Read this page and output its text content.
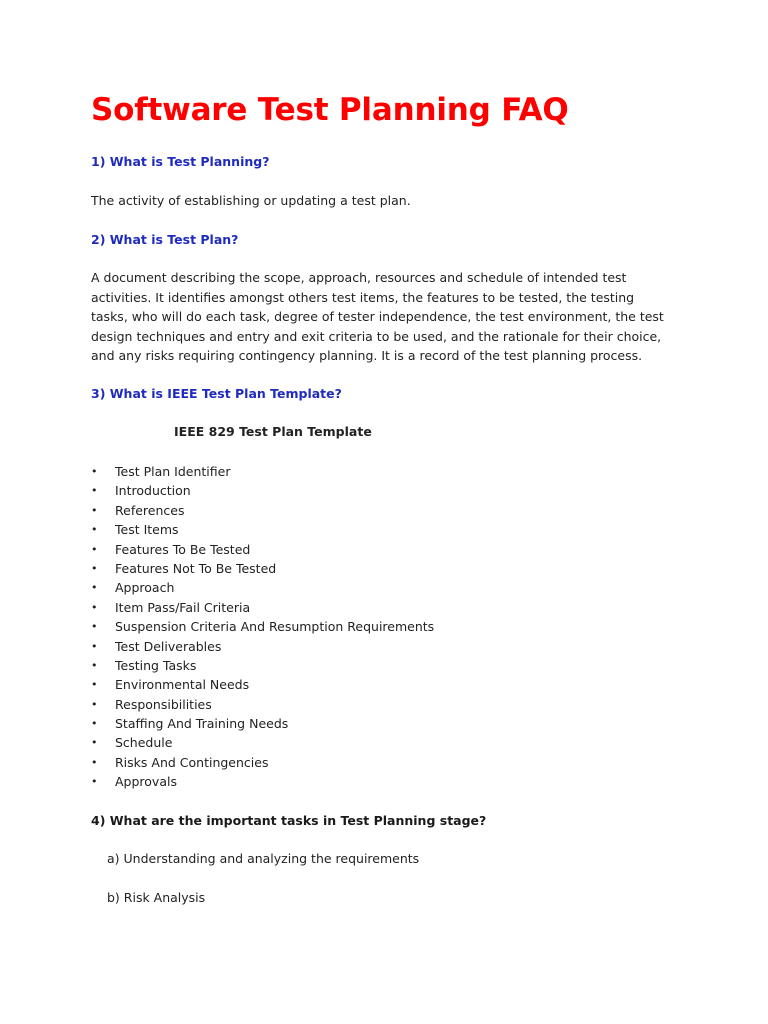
Software Test Planning FAQ

1) What is Test Planning?

The activity of establishing or updating a test plan.

2) What is Test Plan?

A document describing the scope, approach, resources and schedule of intended test
activities. It identifies amongst others test items, the features to be tested, the testing
tasks, who will do each task, degree of tester independence, the test environment, the test
design techniques and entry and exit criteria to be used, and the rationale for their choice,
and any risks requiring contingency planning. It is a record of the test planning process.

3) What is IEEE Test Plan Template?

IEEE 829 Test Plan Template

• Test Plan Identifier
• Introduction
• References
• Test Items
• Features To Be Tested
• Features Not To Be Tested
• Approach
• Item Pass/Fail Criteria
• Suspension Criteria And Resumption Requirements
• Test Deliverables
• Testing Tasks
• Environmental Needs
• Responsibilities
• Staffing And Training Needs
• Schedule
• Risks And Contingencies
• Approvals

4) What are the important tasks in Test Planning stage?

a) Understanding and analyzing the requirements

b) Risk Analysis
